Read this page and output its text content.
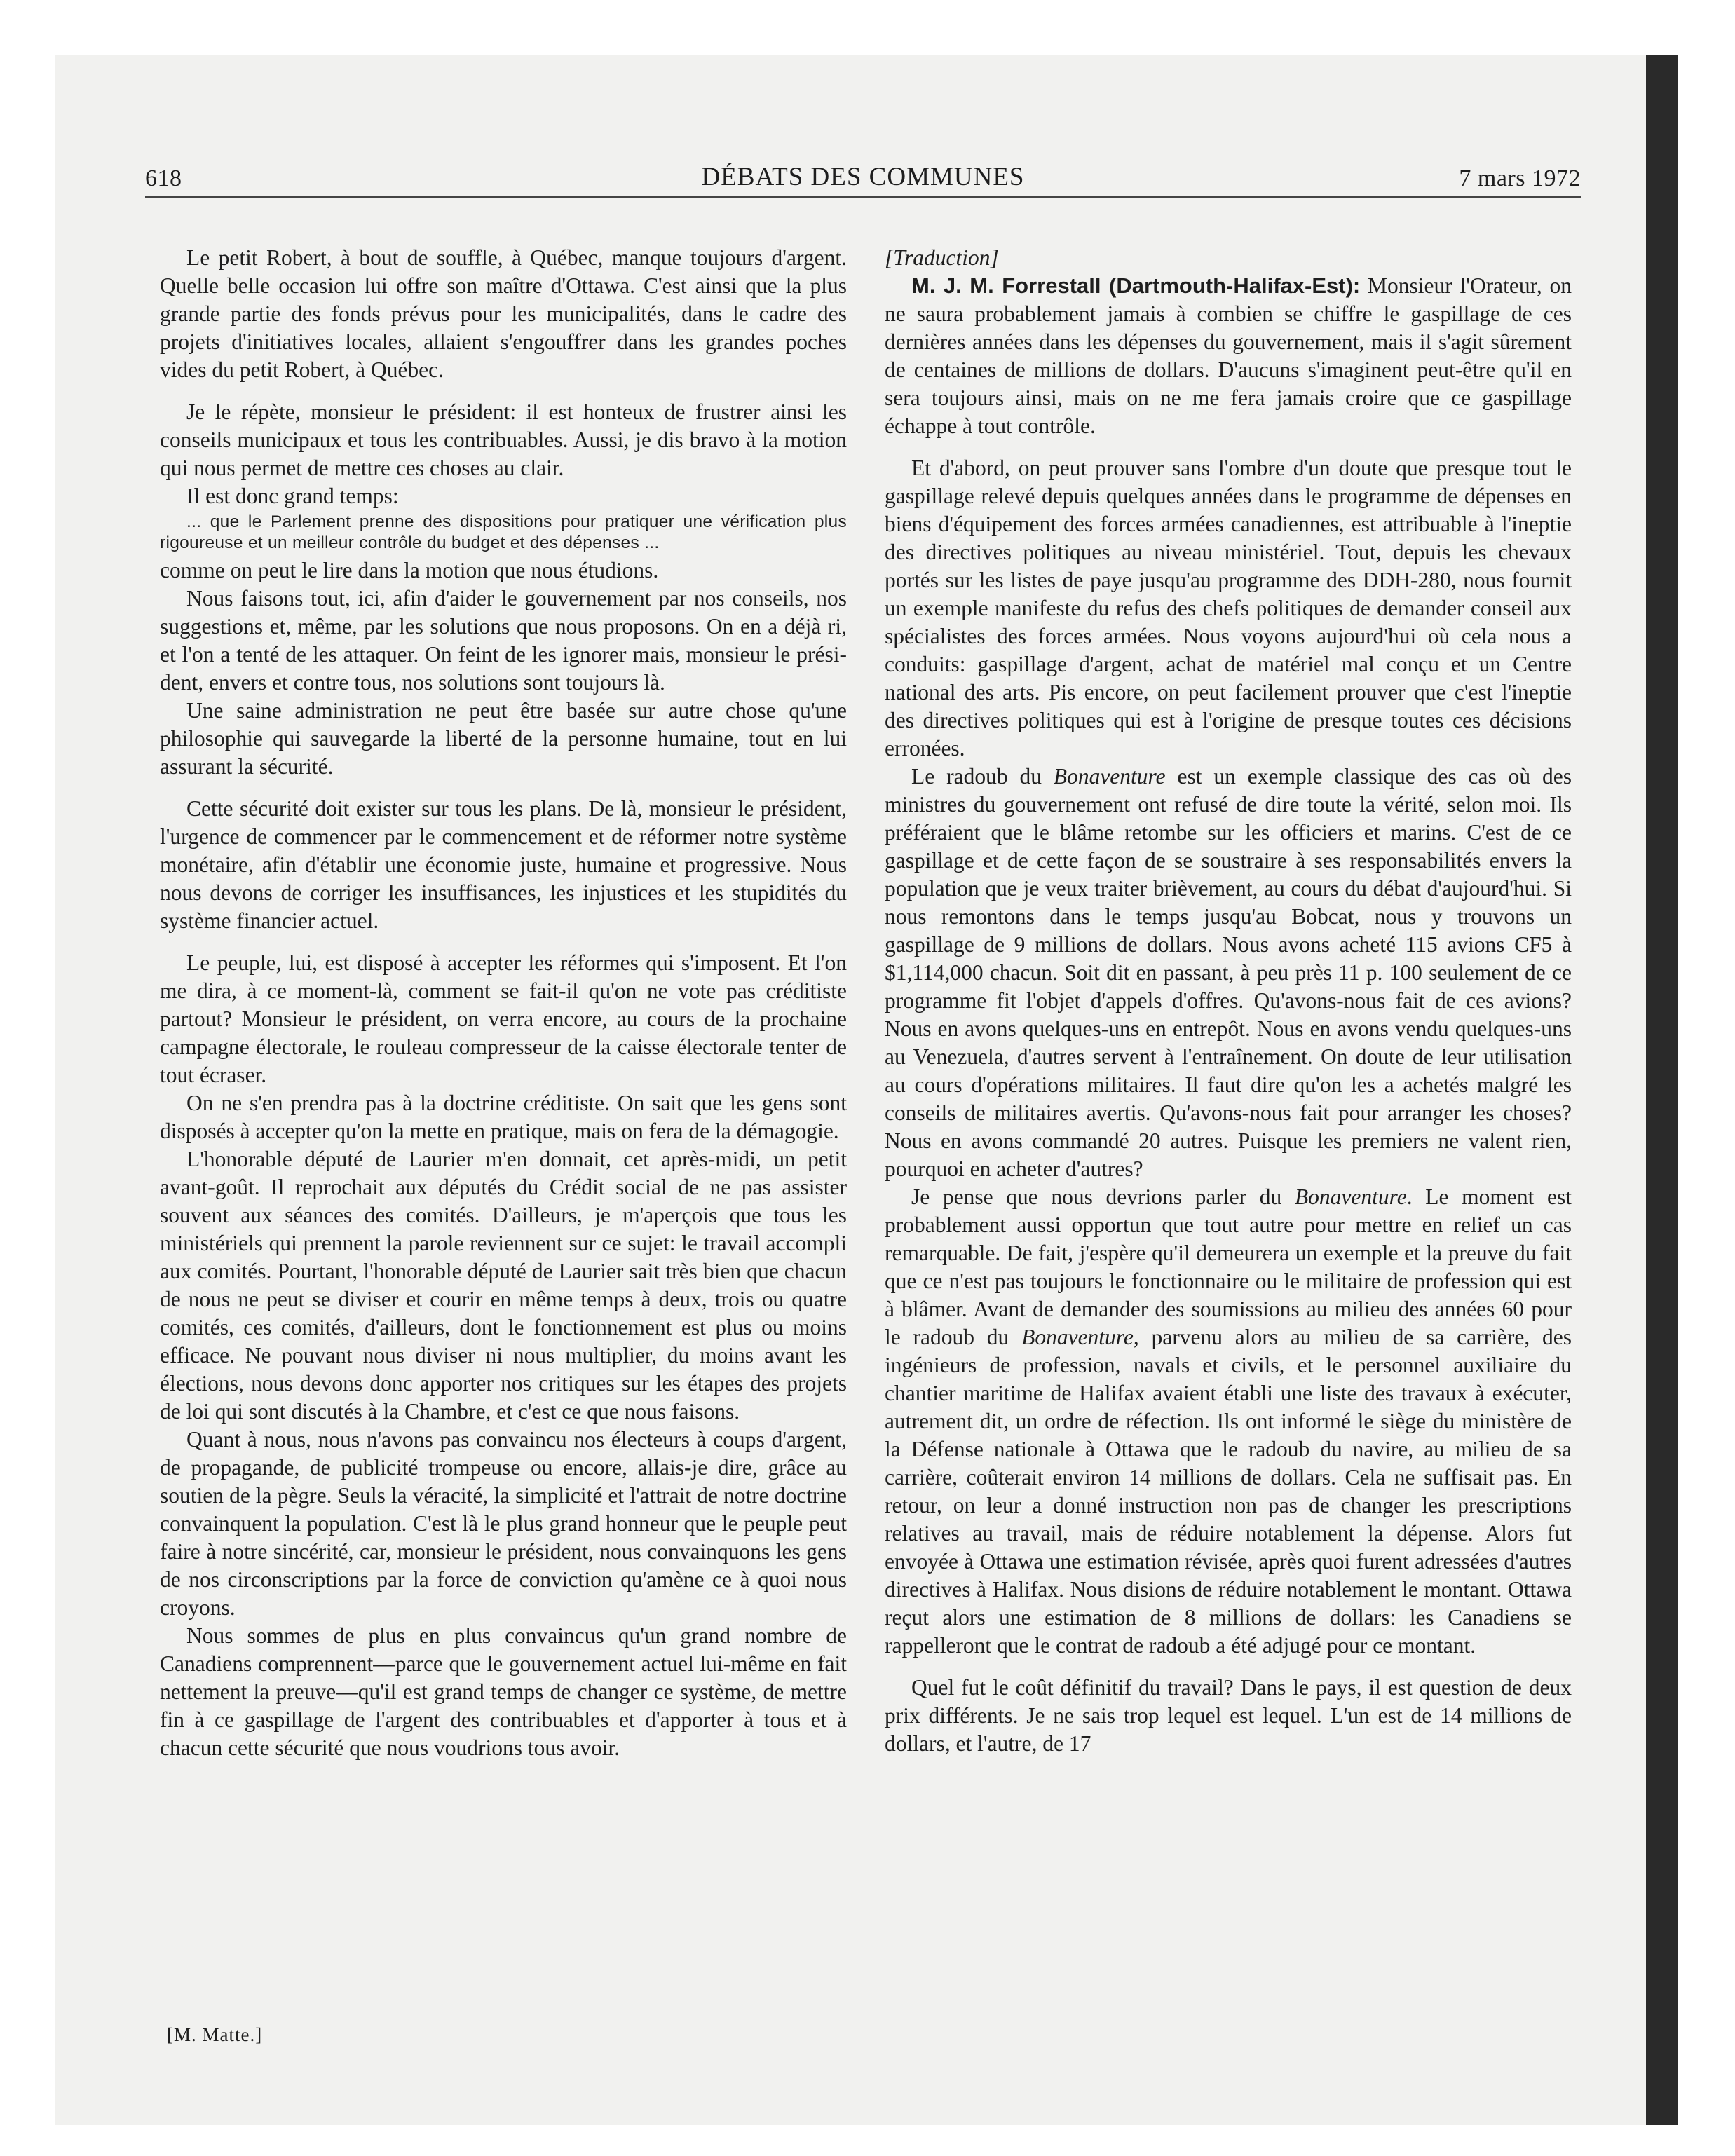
618	DÉBATS DES COMMUNES	7 mars 1972

Le petit Robert, à bout de souffle, à Québec, manque toujours d'argent. Quelle belle occasion lui offre son maître d'Ottawa. C'est ainsi que la plus grande partie des fonds prévus pour les municipalités, dans le cadre des projets d'initiatives locales, allaient s'engouffrer dans les grandes poches vides du petit Robert, à Québec.

Je le répète, monsieur le président: il est honteux de frustrer ainsi les conseils municipaux et tous les contribuables. Aussi, je dis bravo à la motion qui nous permet de mettre ces choses au clair.

Il est donc grand temps:

... que le Parlement prenne des dispositions pour pratiquer une vérification plus rigoureuse et un meilleur contrôle du budget et des dépenses ...

comme on peut le lire dans la motion que nous étudions.

Nous faisons tout, ici, afin d'aider le gouvernement par nos conseils, nos suggestions et, même, par les solutions que nous proposons. On en a déjà ri, et l'on a tenté de les attaquer. On feint de les ignorer mais, monsieur le président, envers et contre tous, nos solutions sont toujours là.

Une saine administration ne peut être basée sur autre chose qu'une philosophie qui sauvegarde la liberté de la personne humaine, tout en lui assurant la sécurité.

Cette sécurité doit exister sur tous les plans. De là, monsieur le président, l'urgence de commencer par le commencement et de réformer notre système monétaire, afin d'établir une économie juste, humaine et progressive. Nous nous devons de corriger les insuffisances, les injustices et les stupidités du système financier actuel.

Le peuple, lui, est disposé à accepter les réformes qui s'imposent. Et l'on me dira, à ce moment-là, comment se fait-il qu'on ne vote pas créditiste partout? Monsieur le président, on verra encore, au cours de la prochaine campagne électorale, le rouleau compresseur de la caisse électorale tenter de tout écraser.

On ne s'en prendra pas à la doctrine créditiste. On sait que les gens sont disposés à accepter qu'on la mette en pratique, mais on fera de la démagogie.

L'honorable député de Laurier m'en donnait, cet après-midi, un petit avant-goût. Il reprochait aux députés du Crédit social de ne pas assister souvent aux séances des comités. D'ailleurs, je m'aperçois que tous les ministériels qui prennent la parole reviennent sur ce sujet: le travail accompli aux comités. Pourtant, l'honorable député de Laurier sait très bien que chacun de nous ne peut se diviser et courir en même temps à deux, trois ou quatre comités, ces comités, d'ailleurs, dont le fonctionnement est plus ou moins efficace. Ne pouvant nous diviser ni nous multiplier, du moins avant les élections, nous devons donc apporter nos critiques sur les étapes des projets de loi qui sont discutés à la Chambre, et c'est ce que nous faisons.

Quant à nous, nous n'avons pas convaincu nos électeurs à coups d'argent, de propagande, de publicité trompeuse ou encore, allais-je dire, grâce au soutien de la pègre. Seuls la véracité, la simplicité et l'attrait de notre doctrine convainquent la population. C'est là le plus grand honneur que le peuple peut faire à notre sincérité, car, monsieur le président, nous convainquons les gens de nos circonscriptions par la force de conviction qu'amène ce à quoi nous croyons.

Nous sommes de plus en plus convaincus qu'un grand nombre de Canadiens comprennent—parce que le gouvernement actuel lui-même en fait nettement la preuve—qu'il est grand temps de changer ce système, de mettre fin à ce gaspillage de l'argent des contribuables et d'apporter à tous et à chacun cette sécurité que nous voudrions tous avoir.

[Traduction]

M. J. M. Forrestall (Dartmouth-Halifax-Est): Monsieur l'Orateur, on ne saura probablement jamais à combien se chiffre le gaspillage de ces dernières années dans les dépenses du gouvernement, mais il s'agit sûrement de centaines de millions de dollars. D'aucuns s'imaginent peut-être qu'il en sera toujours ainsi, mais on ne me fera jamais croire que ce gaspillage échappe à tout contrôle.

Et d'abord, on peut prouver sans l'ombre d'un doute que presque tout le gaspillage relevé depuis quelques années dans le programme de dépenses en biens d'équipement des forces armées canadiennes, est attribuable à l'ineptie des directives politiques au niveau ministériel. Tout, depuis les chevaux portés sur les listes de paye jusqu'au programme des DDH-280, nous fournit un exemple manifeste du refus des chefs politiques de demander conseil aux spécialistes des forces armées. Nous voyons aujourd'hui où cela nous a conduits: gaspillage d'argent, achat de matériel mal conçu et un Centre national des arts. Pis encore, on peut facilement prouver que c'est l'ineptie des directives politiques qui est à l'origine de presque toutes ces décisions erronées.

Le radoub du Bonaventure est un exemple classique des cas où des ministres du gouvernement ont refusé de dire toute la vérité, selon moi. Ils préféraient que le blâme retombe sur les officiers et marins. C'est de ce gaspillage et de cette façon de se soustraire à ses responsabilités envers la population que je veux traiter brièvement, au cours du débat d'aujourd'hui. Si nous remontons dans le temps jusqu'au Bobcat, nous y trouvons un gaspillage de 9 millions de dollars. Nous avons acheté 115 avions CF5 à $1,114,000 chacun. Soit dit en passant, à peu près 11 p. 100 seulement de ce programme fit l'objet d'appels d'offres. Qu'avons-nous fait de ces avions? Nous en avons quelques-uns en entrepôt. Nous en avons vendu quelques-uns au Venezuela, d'autres servent à l'entraînement. On doute de leur utilisation au cours d'opérations militaires. Il faut dire qu'on les a achetés malgré les conseils de militaires avertis. Qu'avons-nous fait pour arranger les choses? Nous en avons commandé 20 autres. Puisque les premiers ne valent rien, pourquoi en acheter d'autres?

Je pense que nous devrions parler du Bonaventure. Le moment est probablement aussi opportun que tout autre pour mettre en relief un cas remarquable. De fait, j'espère qu'il demeurera un exemple et la preuve du fait que ce n'est pas toujours le fonctionnaire ou le militaire de profession qui est à blâmer. Avant de demander des soumissions au milieu des années 60 pour le radoub du Bonaventure, parvenu alors au milieu de sa carrière, des ingénieurs de profession, navals et civils, et le personnel auxiliaire du chantier maritime de Halifax avaient établi une liste des travaux à exécuter, autrement dit, un ordre de réfection. Ils ont informé le siège du ministère de la Défense nationale à Ottawa que le radoub du navire, au milieu de sa carrière, coûterait environ 14 millions de dollars. Cela ne suffisait pas. En retour, on leur a donné instruction non pas de changer les prescriptions relatives au travail, mais de réduire notablement la dépense. Alors fut envoyée à Ottawa une estimation révisée, après quoi furent adressées d'autres directives à Halifax. Nous disions de réduire notablement le montant. Ottawa reçut alors une estimation de 8 millions de dollars: les Canadiens se rappelleront que le contrat de radoub a été adjugé pour ce montant.

Quel fut le coût définitif du travail? Dans le pays, il est question de deux prix différents. Je ne sais trop lequel est lequel. L'un est de 14 millions de dollars, et l'autre, de 17

[M. Matte.]
